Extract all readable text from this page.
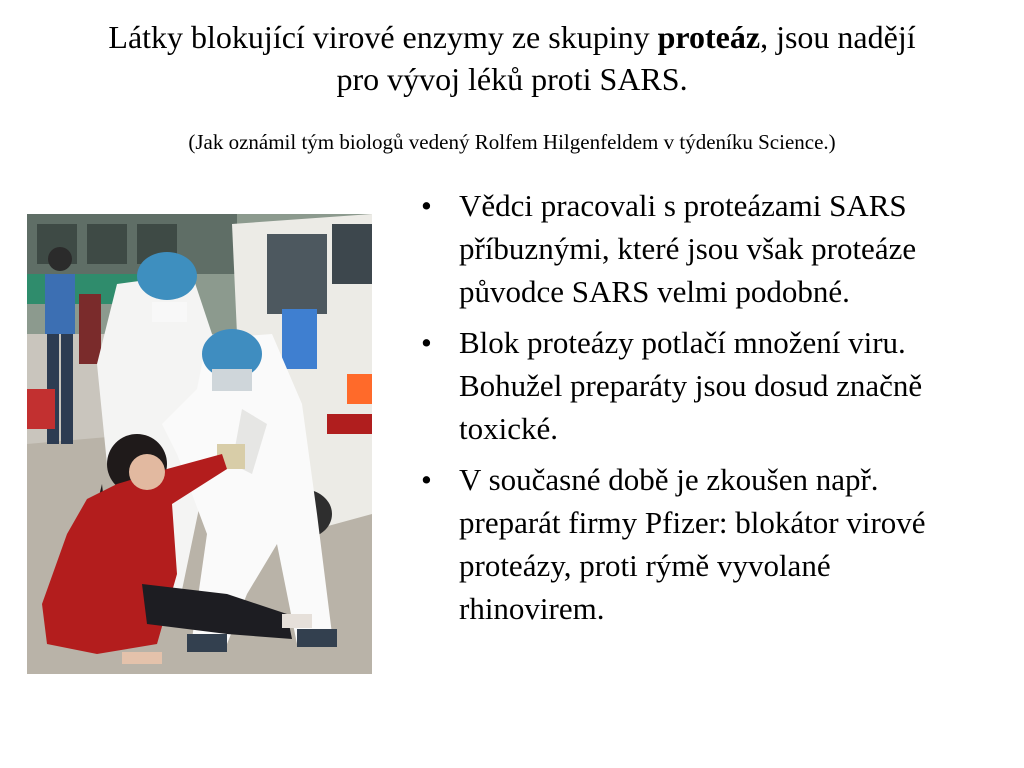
Látky blokující virové enzymy ze skupiny proteáz, jsou nadějí
pro vývoj léků proti SARS.

(Jak oznámil tým biologů vedený Rolfem Hilgenfeldem v týdeníku Science.)

• Vědci pracovali s proteázami SARS příbuznými, které jsou však proteáze původce SARS velmi podobné.
• Blok proteázy potlačí množení viru. Bohužel preparáty jsou dosud značně toxické.
• V současné době je zkoušen např. preparát firmy Pfizer: blokátor virové proteázy, proti rýmě vyvolané rhinovirem.
